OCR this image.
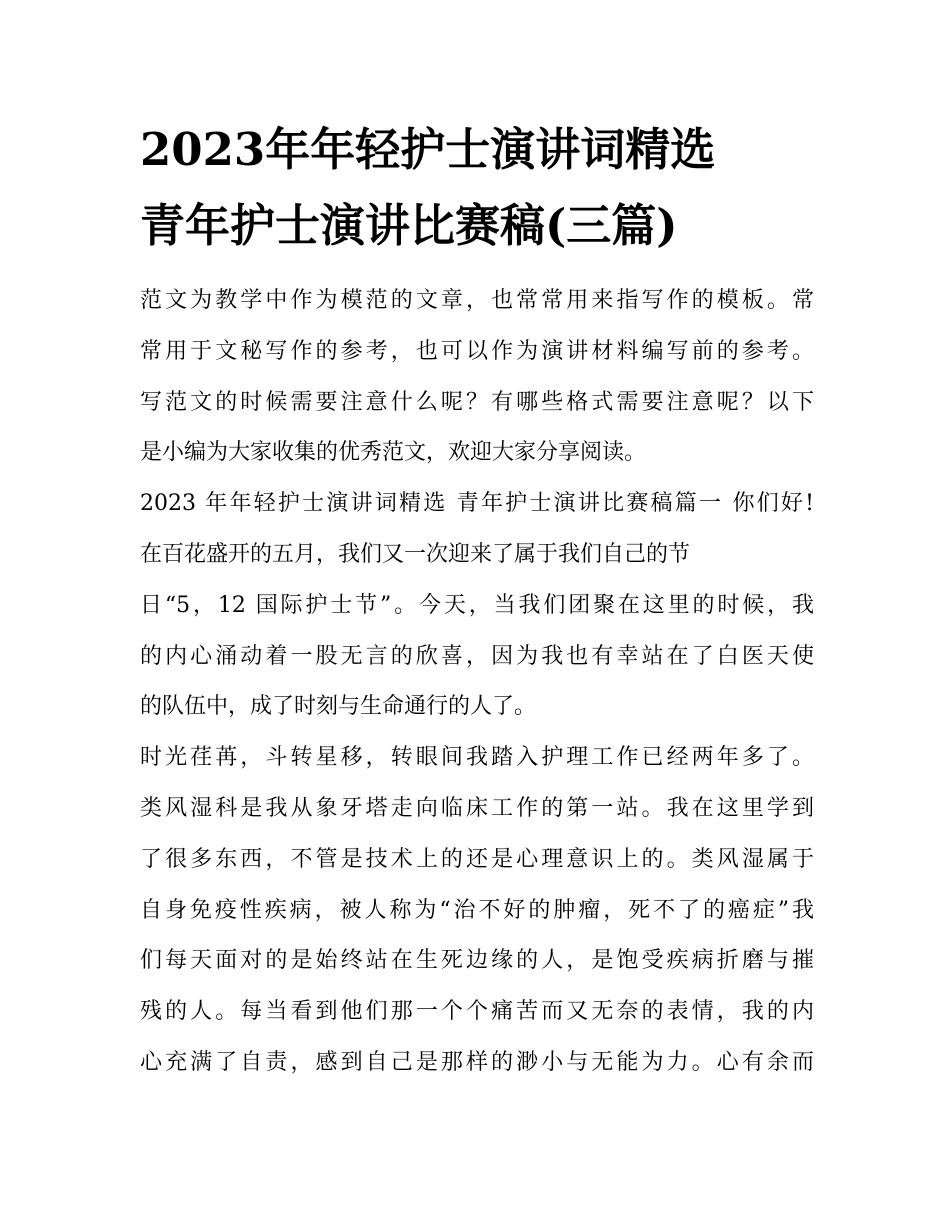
2023年年轻护士演讲词精选
青年护士演讲比赛稿(三篇)
范文为教学中作为模范的文章，也常常用来指写作的模板。常
常用于文秘写作的参考，也可以作为演讲材料编写前的参考。
写范文的时候需要注意什么呢？有哪些格式需要注意呢？以下
是小编为大家收集的优秀范文，欢迎大家分享阅读。
2023 年年轻护士演讲词精选 青年护士演讲比赛稿篇一 你们好!
在百花盛开的五月，我们又一次迎来了属于我们自己的节
日“5，12 国际护士节”。今天，当我们团聚在这里的时候，我
的内心涌动着一股无言的欣喜，因为我也有幸站在了白医天使
的队伍中，成了时刻与生命通行的人了。
时光荏苒，斗转星移，转眼间我踏入护理工作已经两年多了。
类风湿科是我从象牙塔走向临床工作的第一站。我在这里学到
了很多东西，不管是技术上的还是心理意识上的。类风湿属于
自身免疫性疾病，被人称为“治不好的肿瘤，死不了的癌症”我
们每天面对的是始终站在生死边缘的人，是饱受疾病折磨与摧
残的人。每当看到他们那一个个痛苦而又无奈的表情，我的内
心充满了自责，感到自己是那样的渺小与无能为力。心有余而
